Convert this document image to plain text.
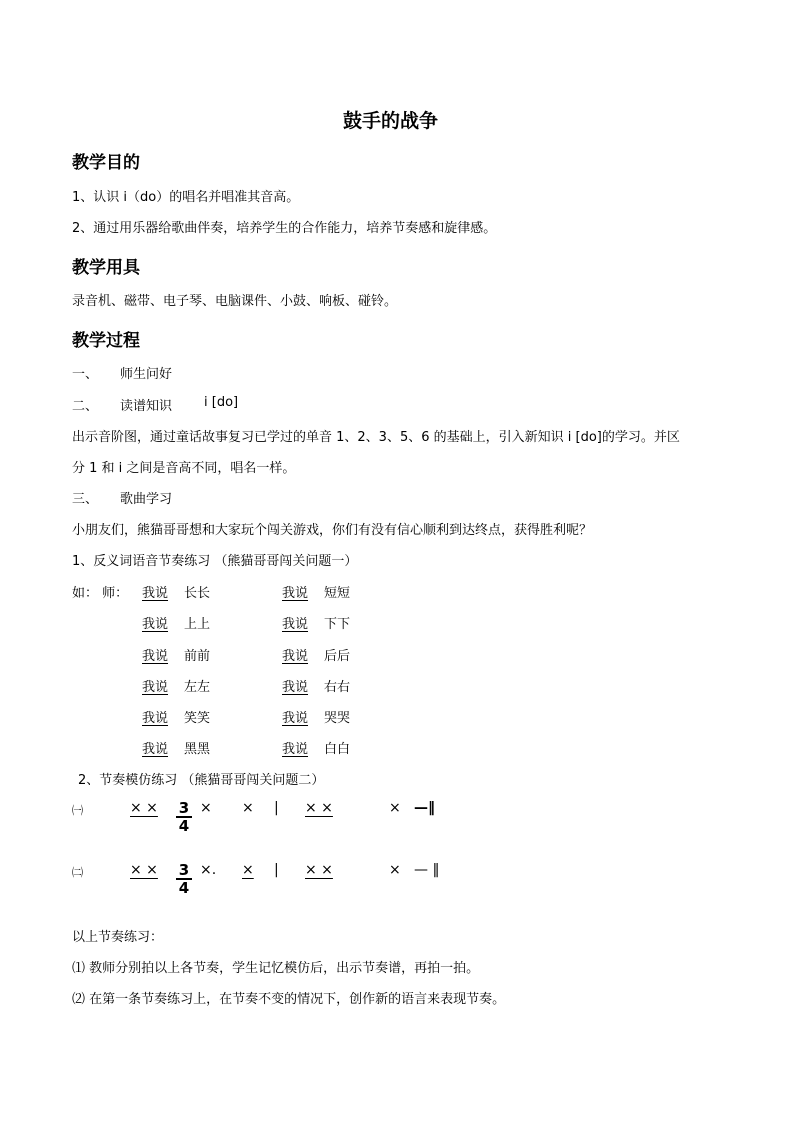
鼓手的战争
教学目的
1、认识 i（do）的唱名并唱准其音高。
2、通过用乐器给歌曲伴奏，培养学生的合作能力，培养节奏感和旋律感。
教学用具
录音机、磁带、电子琴、电脑课件、小鼓、响板、碰铃。
教学过程
一、 师生问好
二、 读谱知识 i [do]
出示音阶图，通过童话故事复习已学过的单音 1、2、3、5、6 的基础上，引入新知识 i [do]的学习。并区
分 1 和 i 之间是音高不同，唱名一样。
三、 歌曲学习
小朋友们，熊猫哥哥想和大家玩个闯关游戏，你们有没有信心顺利到达终点，获得胜利呢？
1、反义词语音节奏练习 （熊猫哥哥闯关问题一）
如： 师： 我说 长长	我说 短短
我说 上上	我说 下下
我说 前前	我说 后后
我说 左左	我说 右右
我说 笑笑	我说 哭哭
我说 黑黑	我说 白白
2、节奏模仿练习 （熊猫哥哥闯关问题二）
㈠	× × $\frac{3}{4}$ × × | × ×	× —‖
㈡	× × $\frac{3}{4}$ ×. × | × ×	× — ‖
以上节奏练习：
⑴ 教师分别拍以上各节奏，学生记忆模仿后，出示节奏谱，再拍一拍。
⑵ 在第一条节奏练习上，在节奏不变的情况下，创作新的语言来表现节奏。
